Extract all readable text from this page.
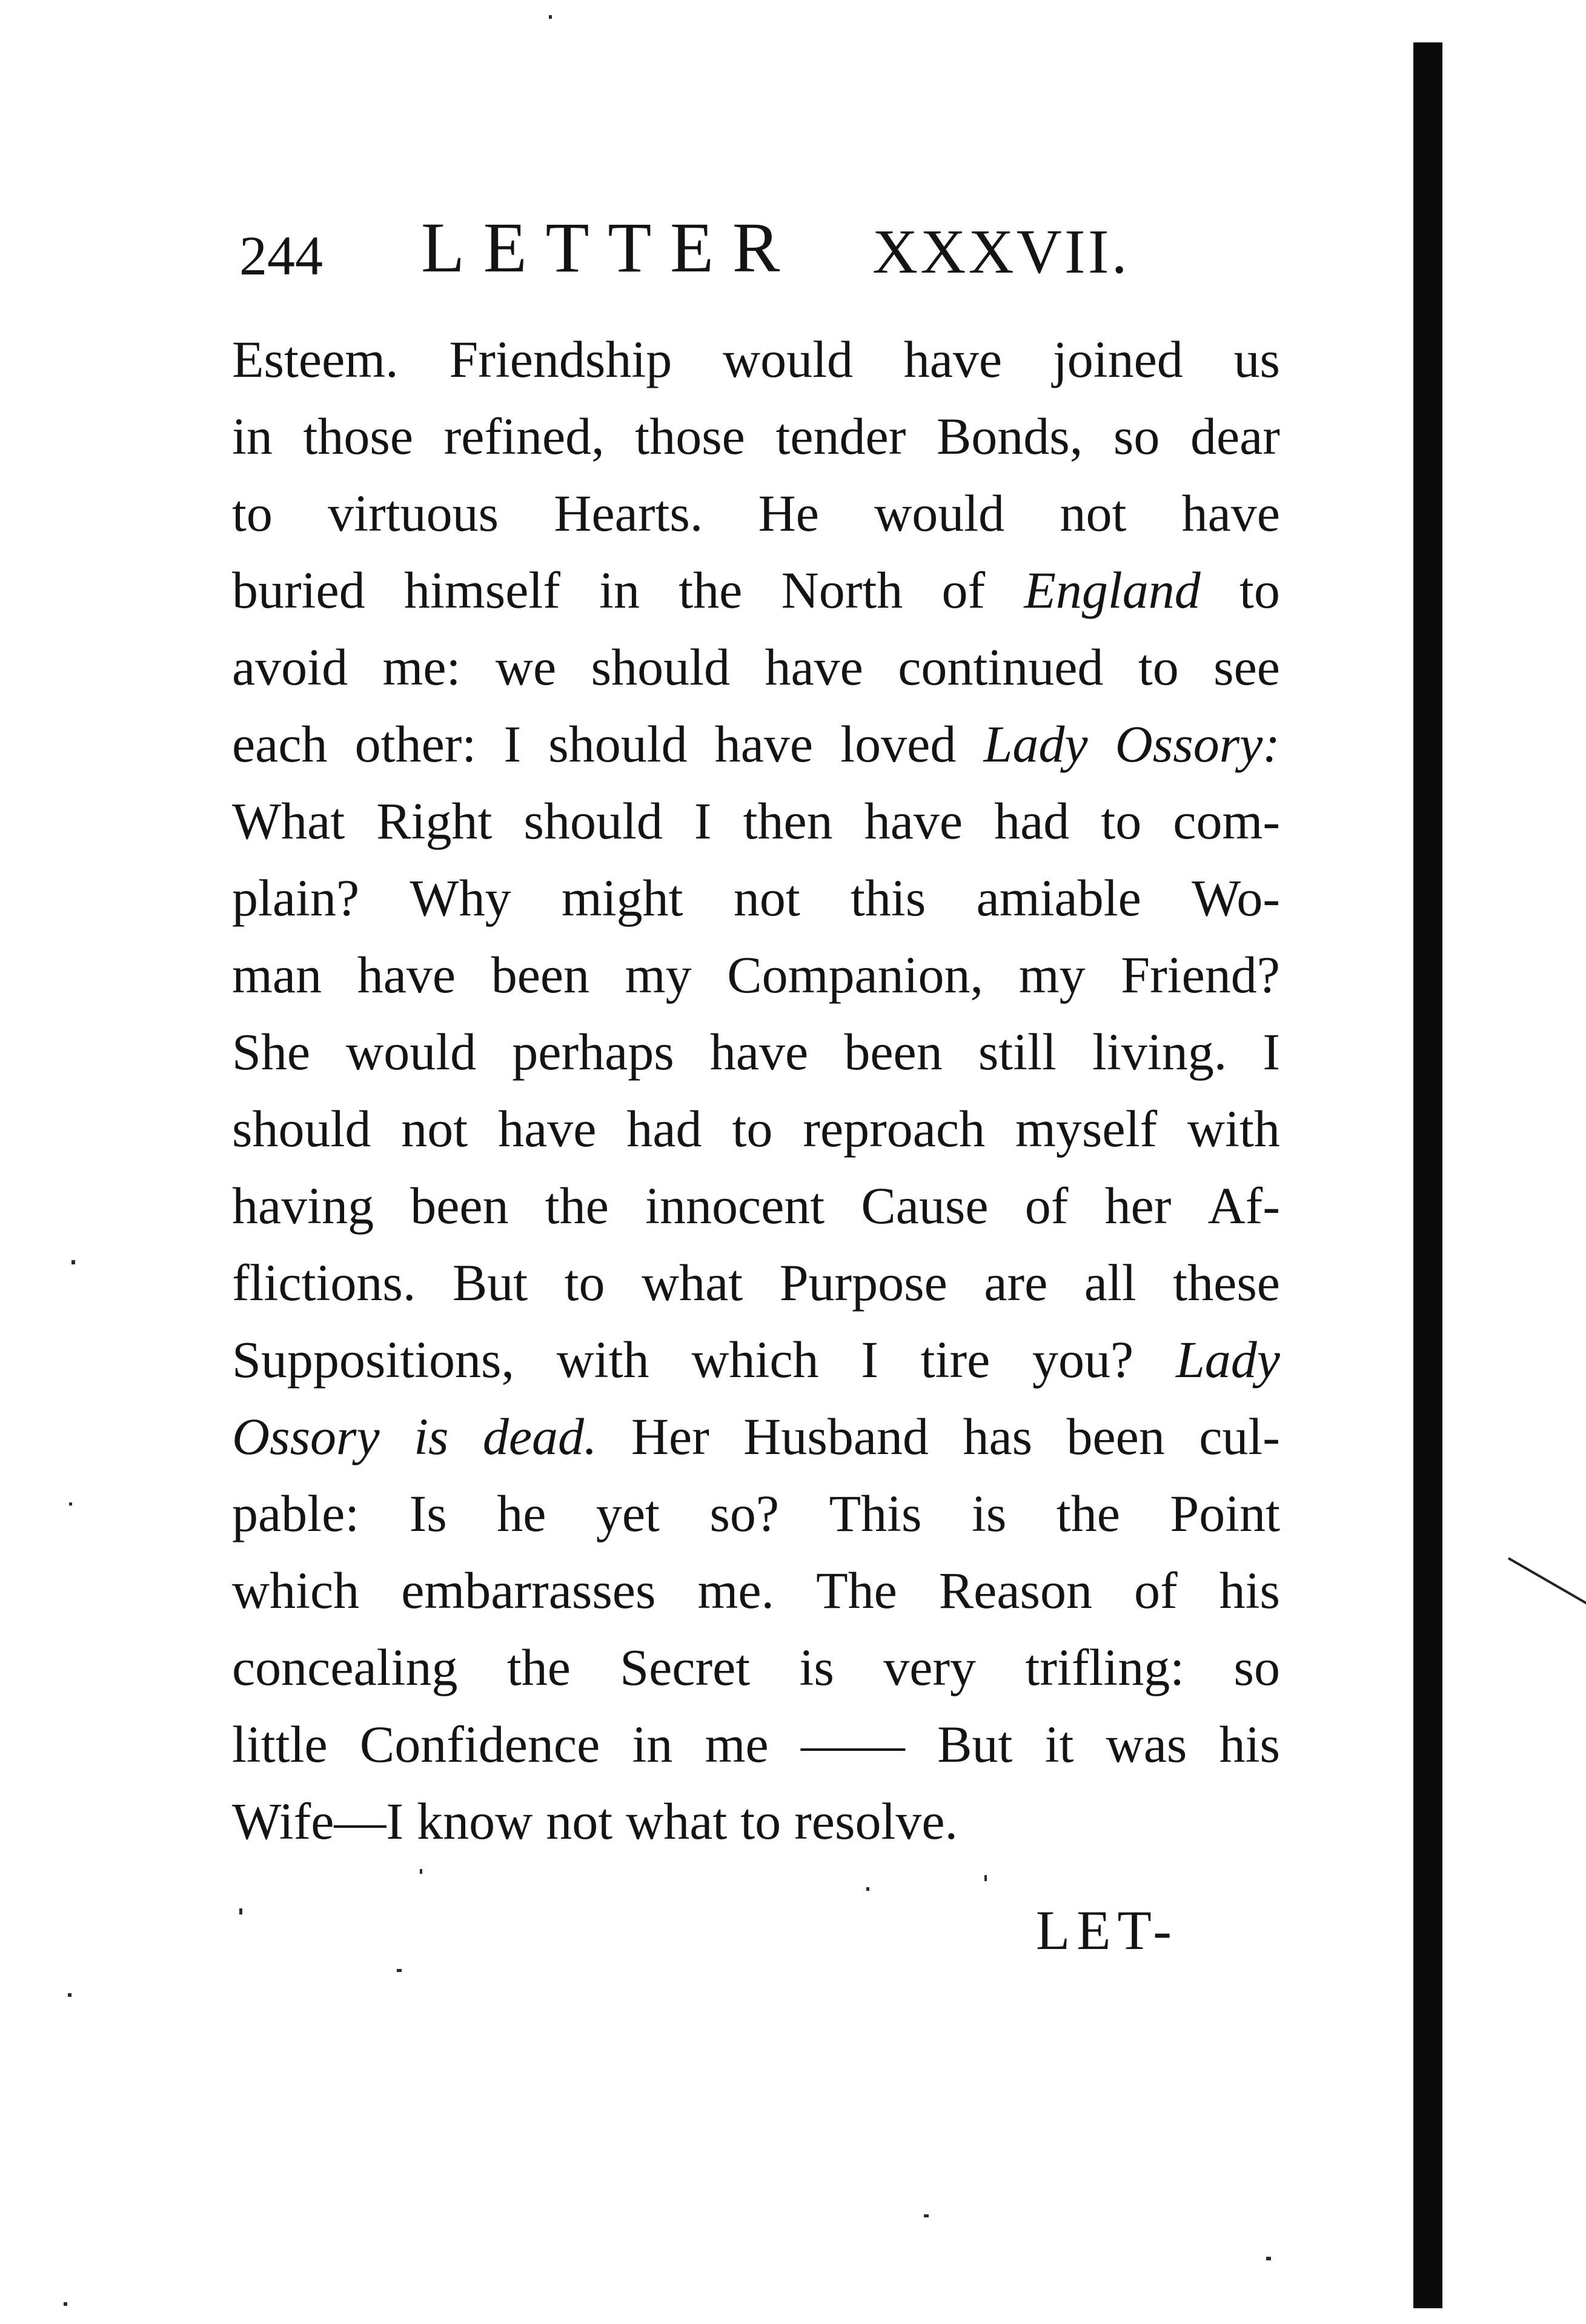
244 LETTER XXXVII.
Esteem. Friendship would have joined us
in those refined, those tender Bonds, so dear
to virtuous Hearts. He would not have
buried himself in the North of England to
avoid me: we should have continued to see
each other: I should have loved Lady Ossory:
What Right should I then have had to com-
plain? Why might not this amiable Wo-
man have been my Companion, my Friend?
She would perhaps have been still living. I
should not have had to reproach myself with
having been the innocent Cause of her Af-
flictions. But to what Purpose are all these
Suppositions, with which I tire you? Lady
Ossory is dead. Her Husband has been cul-
pable: Is he yet so? This is the Point
which embarrasses me. The Reason of his
concealing the Secret is very trifling: so
little Confidence in me —— But it was his
Wife—I know not what to resolve.
LET-
